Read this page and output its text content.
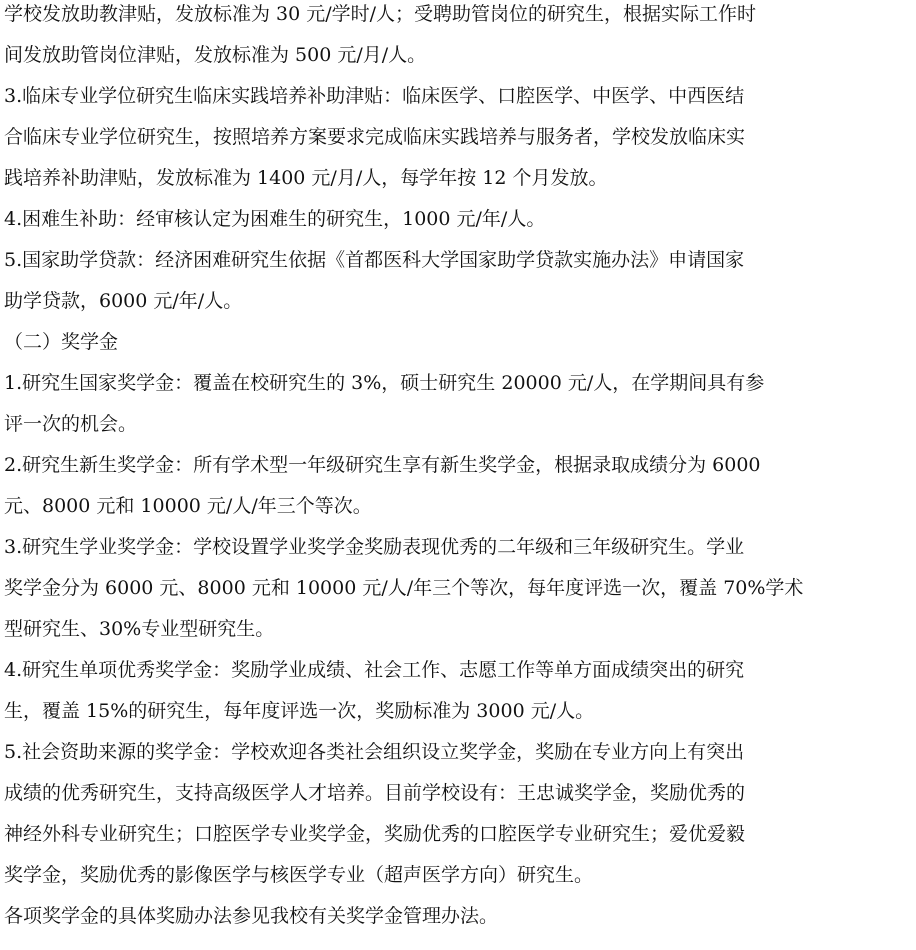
学校发放助教津贴，发放标准为 30 元/学时/人；受聘助管岗位的研究生，根据实际工作时
间发放助管岗位津贴，发放标准为 500 元/月/人。

3.临床专业学位研究生临床实践培养补助津贴：临床医学、口腔医学、中医学、中西医结
合临床专业学位研究生，按照培养方案要求完成临床实践培养与服务者，学校发放临床实
践培养补助津贴，发放标准为 1400 元/月/人，每学年按 12 个月发放。

4.困难生补助：经审核认定为困难生的研究生，1000 元/年/人。

5.国家助学贷款：经济困难研究生依据《首都医科大学国家助学贷款实施办法》申请国家
助学贷款，6000 元/年/人。

（二）奖学金

1.研究生国家奖学金：覆盖在校研究生的 3%，硕士研究生 20000 元/人，在学期间具有参
评一次的机会。

2.研究生新生奖学金：所有学术型一年级研究生享有新生奖学金，根据录取成绩分为 6000
元、8000 元和 10000 元/人/年三个等次。

3.研究生学业奖学金：学校设置学业奖学金奖励表现优秀的二年级和三年级研究生。学业
奖学金分为 6000 元、8000 元和 10000 元/人/年三个等次，每年度评选一次，覆盖 70%学术
型研究生、30%专业型研究生。

4.研究生单项优秀奖学金：奖励学业成绩、社会工作、志愿工作等单方面成绩突出的研究
生，覆盖 15%的研究生，每年度评选一次，奖励标准为 3000 元/人。

5.社会资助来源的奖学金：学校欢迎各类社会组织设立奖学金，奖励在专业方向上有突出
成绩的优秀研究生，支持高级医学人才培养。目前学校设有：王忠诚奖学金，奖励优秀的
神经外科专业研究生；口腔医学专业奖学金，奖励优秀的口腔医学专业研究生；爱优爱毅
奖学金，奖励优秀的影像医学与核医学专业（超声医学方向）研究生。

各项奖学金的具体奖励办法参见我校有关奖学金管理办法。
